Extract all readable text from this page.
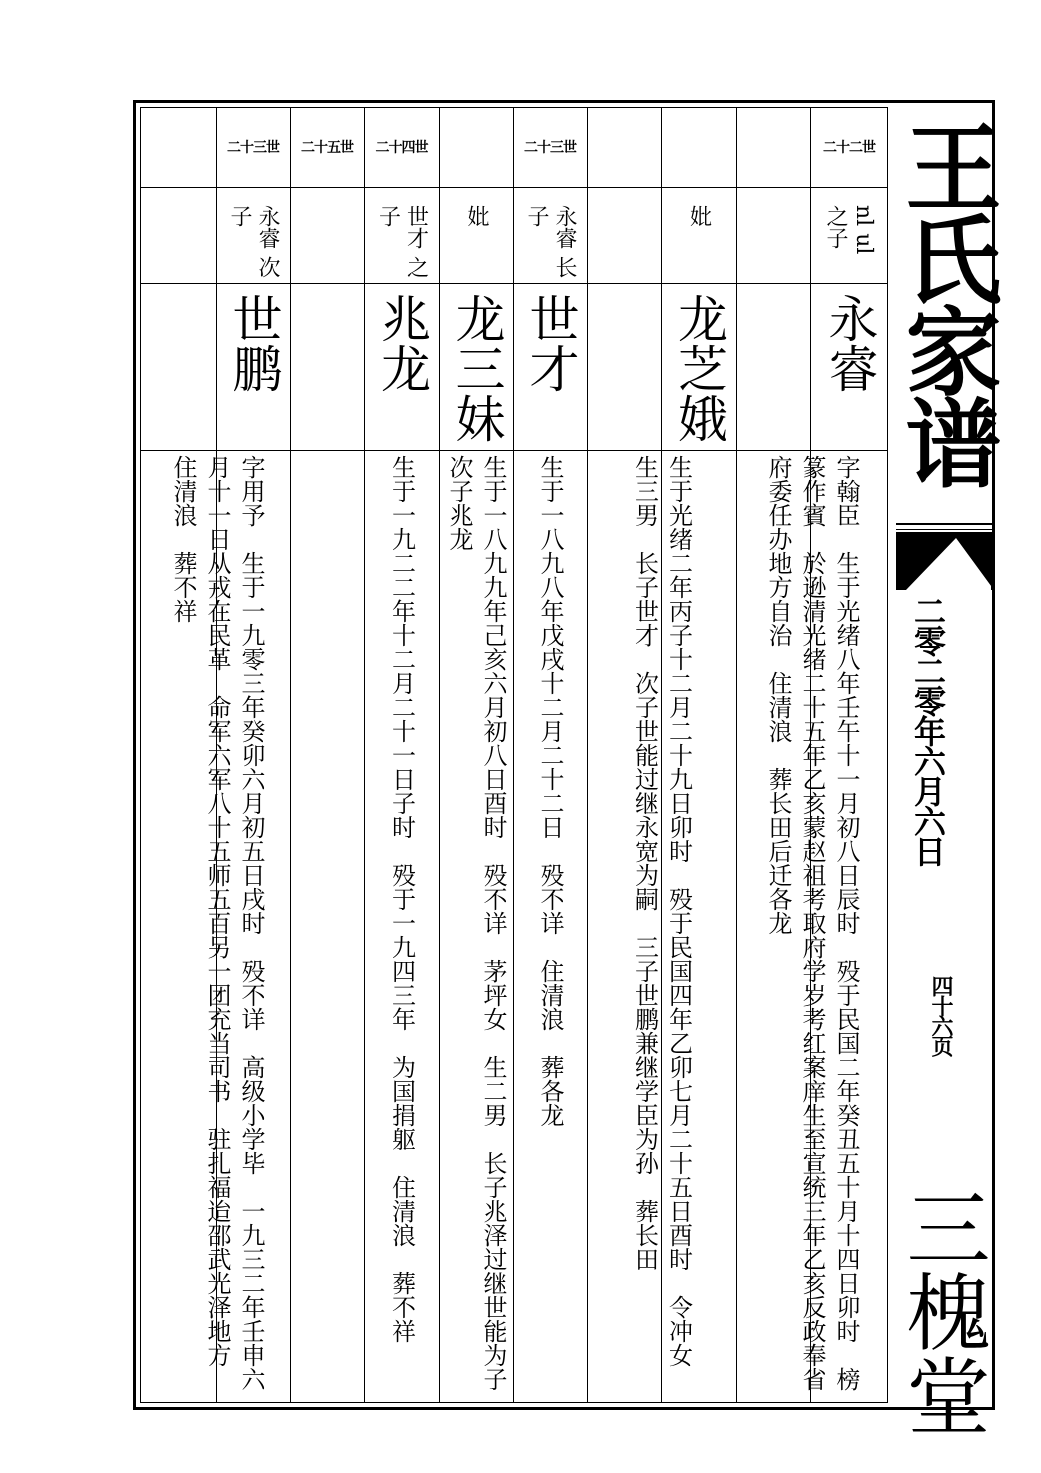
二十二世
nl ul 之子
永睿
字翰臣　生于光绪八年壬午十一月初八日辰时　殁于民国二年癸丑五十月十四日卯时　榜篆作賓　於逊清光绪二十五年乙亥蒙赵祖考取府学岁考红案庠生至宣统三年乙亥反政奉省府委任办地方自治　住清浪　葬长田后迁各龙
妣
龙芝娥
生于光绪二年丙子十二月二十九日卯时　殁于民国四年乙卯七月二十五日酉时　令冲女　生三男　长子世才　次子世能过继永宽为嗣　三子世鹏兼继学臣为孙　葬长田
二十三世
永睿 长子
世才
生于一八九八年戊戌十二月二十二日　殁不详　住清浪　葬各龙
妣
龙三妹
生于一八九九年己亥六月初八日酉时　殁不详　茅坪女　生二男　长子兆泽过继世能为子　次子兆龙
二十四世
世才 之子
兆龙
生于一九二二年十二月二十一日子时　殁于一九四三年　为国捐躯　住清浪　葬不祥
二十五世
二十三世
永睿 次子
世鹏
字用予　生于一九零三年癸卯六月初五日戌时　殁不详　高级小学毕　一九三二年壬申六月十一日从戎在民革　命军六军八十五师五百另一团充当司书　驻扎福迨邵武光泽地方　住清浪　葬不祥
王氏家谱
二零二零年六月六日
四十六页
三槐堂
